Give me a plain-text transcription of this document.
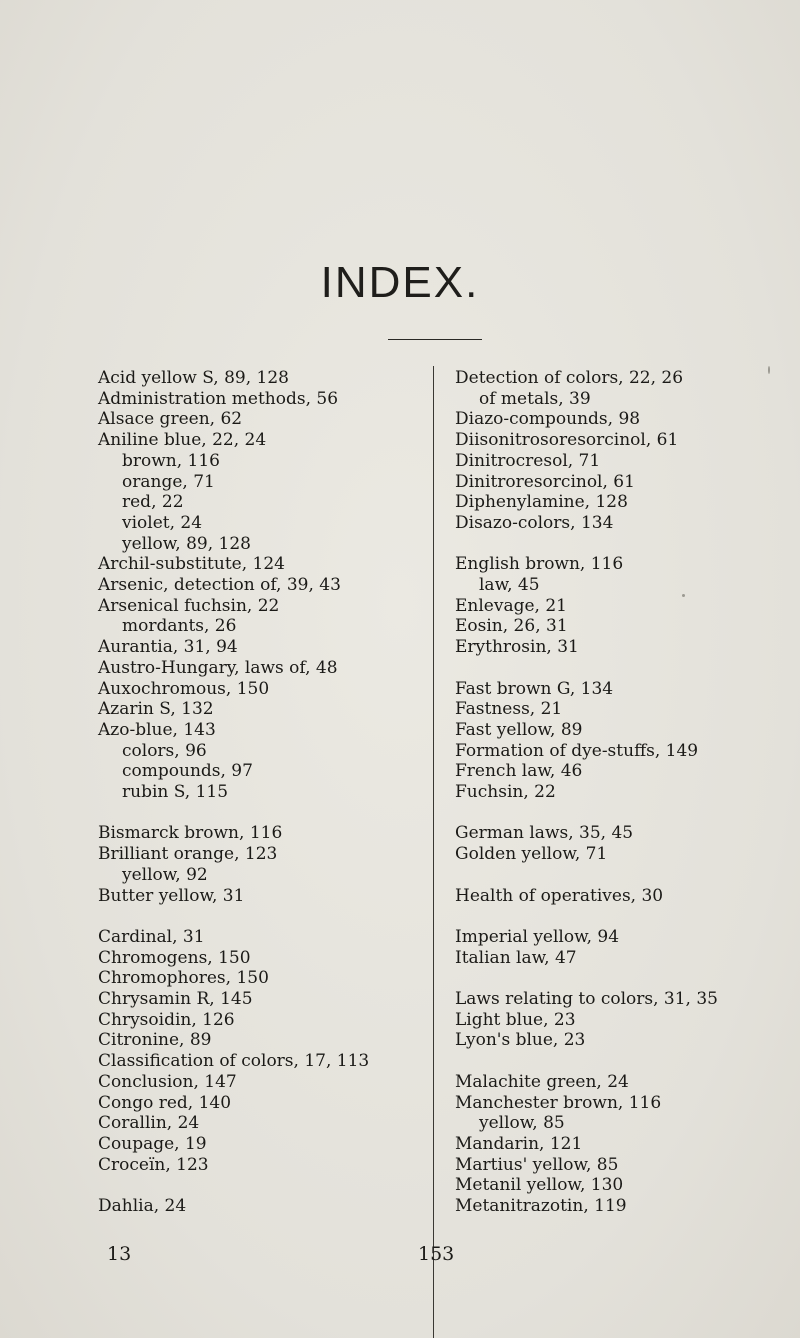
INDEX.
Acid yellow S, 89, 128
Administration methods, 56
Alsace green, 62
Aniline blue, 22, 24
brown, 116
orange, 71
red, 22
violet, 24
yellow, 89, 128
Archil-substitute, 124
Arsenic, detection of, 39, 43
Arsenical fuchsin, 22
mordants, 26
Aurantia, 31, 94
Austro-Hungary, laws of, 48
Auxochromous, 150
Azarin S, 132
Azo-blue, 143
colors, 96
compounds, 97
rubin S, 115
Bismarck brown, 116
Brilliant orange, 123
yellow, 92
Butter yellow, 31
Cardinal, 31
Chromogens, 150
Chromophores, 150
Chrysamin R, 145
Chrysoidin, 126
Citronine, 89
Classification of colors, 17, 113
Conclusion, 147
Congo red, 140
Corallin, 24
Coupage, 19
Croceïn, 123
Dahlia, 24
Detection of colors, 22, 26
of metals, 39
Diazo-compounds, 98
Diisonitrosoresorcinol, 61
Dinitrocresol, 71
Dinitroresorcinol, 61
Diphenylamine, 128
Disazo-colors, 134
English brown, 116
law, 45
Enlevage, 21
Eosin, 26, 31
Erythrosin, 31
Fast brown G, 134
Fastness, 21
Fast yellow, 89
Formation of dye-stuffs, 149
French law, 46
Fuchsin, 22
German laws, 35, 45
Golden yellow, 71
Health of operatives, 30
Imperial yellow, 94
Italian law, 47
Laws relating to colors, 31, 35
Light blue, 23
Lyon's blue, 23
Malachite green, 24
Manchester brown, 116
yellow, 85
Mandarin, 121
Martius' yellow, 85
Metanil yellow, 130
Metanitrazotin, 119
13	153
